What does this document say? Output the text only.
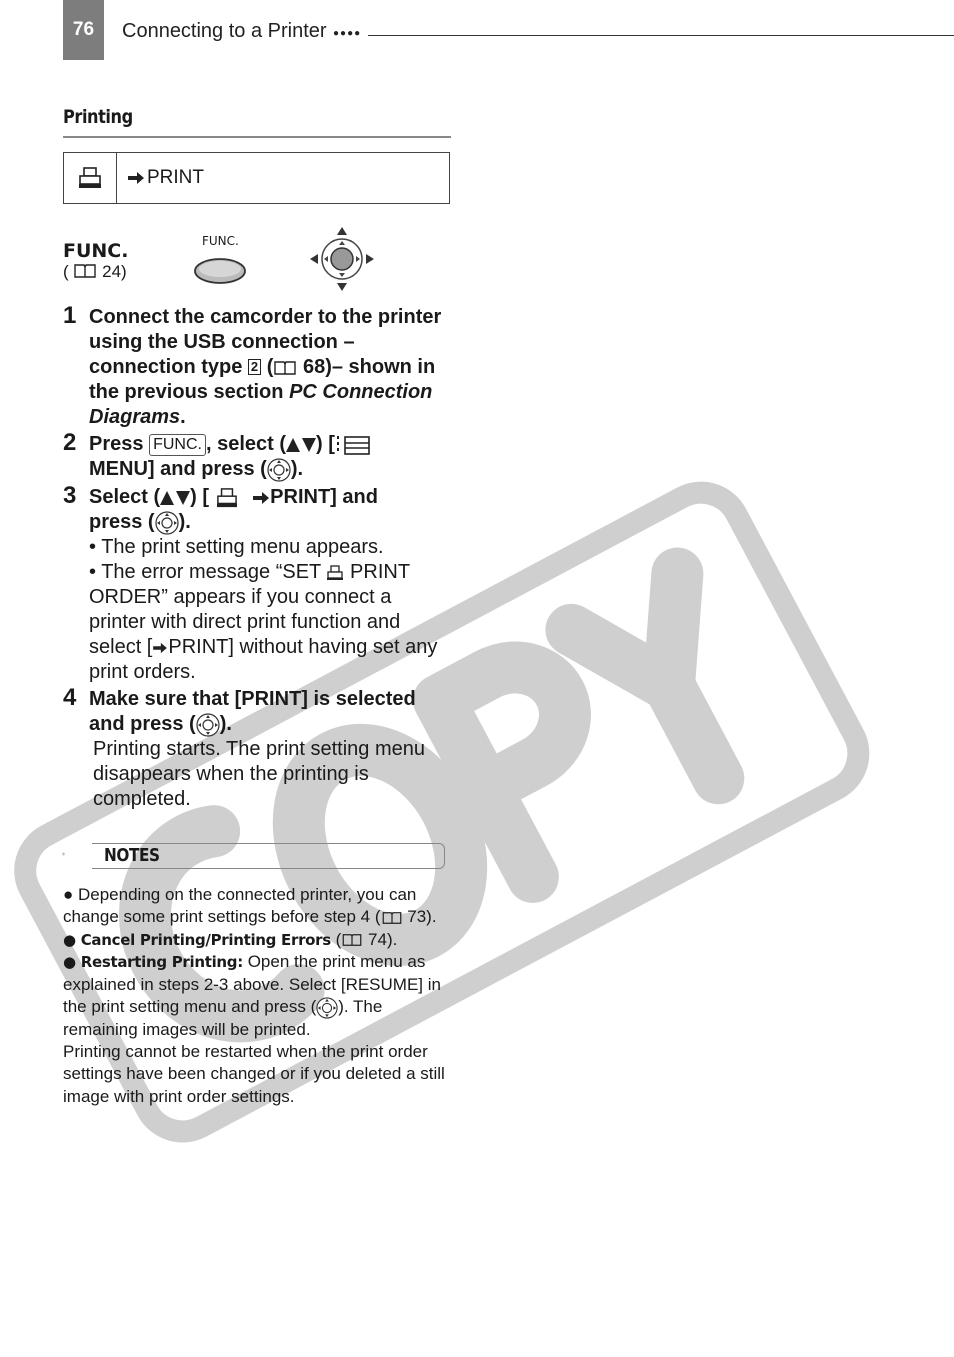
76	Connecting to a Printer ●●●●
Printing
PRINT
FUNC.
( 24)
FUNC.
1 Connect the camcorder to the printer using the USB connection – connection type 2 ( 68)– shown in the previous section PC Connection Diagrams.
2 Press FUNC. , select ( ) [
MENU] and press ( ).
3 Select ( ) [	PRINT] and
press ( ).
• The print setting menu appears.
• The error message “SET PRINT ORDER” appears if you connect a printer with direct print function and select [ PRINT] without having set any print orders.
4 Make sure that [PRINT] is selected and press ( ).
Printing starts. The print setting menu disappears when the printing is completed.
NOTES

● Depending on the connected printer, you can change some print settings before step 4 ( 73).

● Cancel Printing/Printing Errors ( 74).

● Restarting Printing: Open the print menu as explained in steps 2-3 above. Select [RESUME] in the print setting menu and press ( ). The remaining images will be printed.

Printing cannot be restarted when the print order settings have been changed or if you deleted a still image with print order settings.
